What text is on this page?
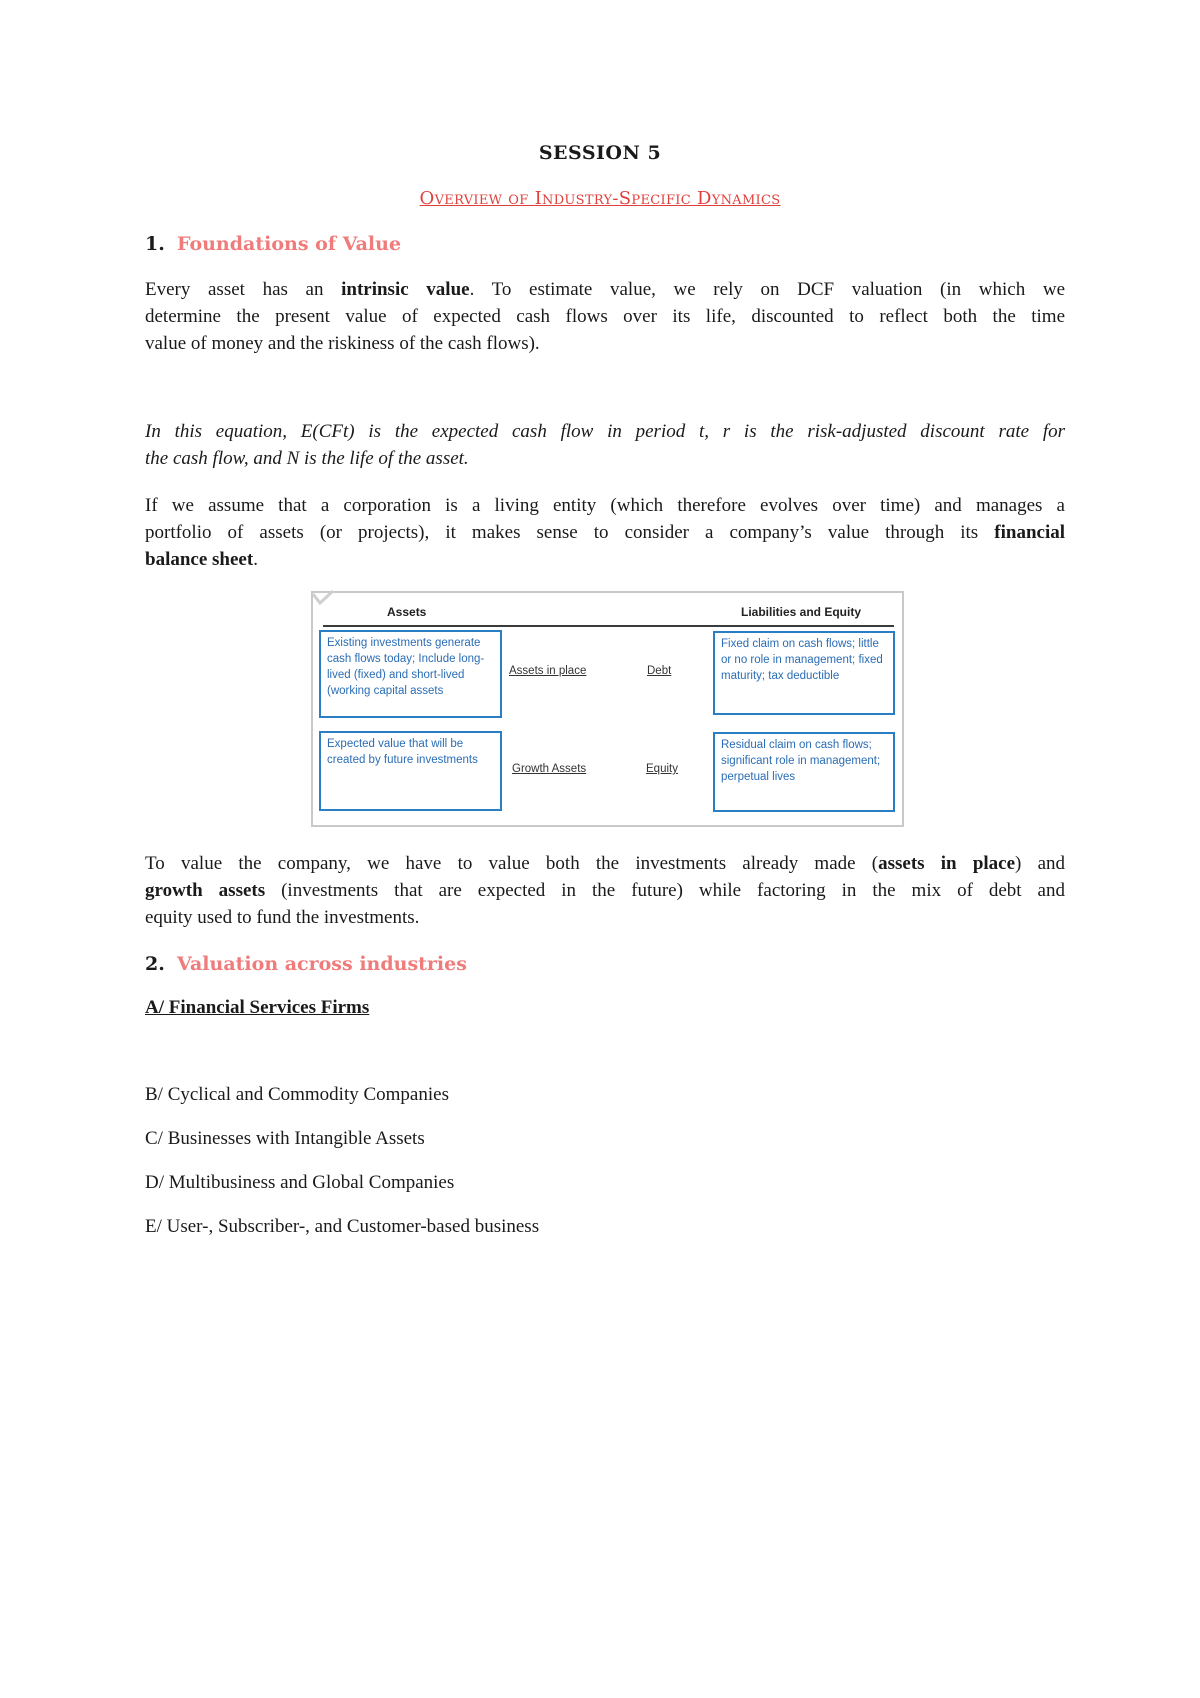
SESSION 5
Overview of Industry-Specific Dynamics
1. Foundations of Value
Every asset has an intrinsic value. To estimate value, we rely on DCF valuation (in which we
determine the present value of expected cash flows over its life, discounted to reflect both the time
value of money and the riskiness of the cash flows).
In this equation, E(CFt) is the expected cash flow in period t, r is the risk-adjusted discount rate for
the cash flow, and N is the life of the asset.
If we assume that a corporation is a living entity (which therefore evolves over time) and manages a
portfolio of assets (or projects), it makes sense to consider a company’s value through its financial
balance sheet.
Assets	Liabilities and Equity
Existing investments generate cash flows today; Include long-lived (fixed) and short-lived (working capital assets
Expected value that will be created by future investments
Assets in place
Growth Assets
Debt
Equity
Fixed claim on cash flows; little or no role in management; fixed maturity; tax deductible
Residual claim on cash flows; significant role in management; perpetual lives
To value the company, we have to value both the investments already made (assets in place) and
growth assets (investments that are expected in the future) while factoring in the mix of debt and
equity used to fund the investments.
2. Valuation across industries
A/ Financial Services Firms
B/ Cyclical and Commodity Companies
C/ Businesses with Intangible Assets
D/ Multibusiness and Global Companies
E/ User-, Subscriber-, and Customer-based business
